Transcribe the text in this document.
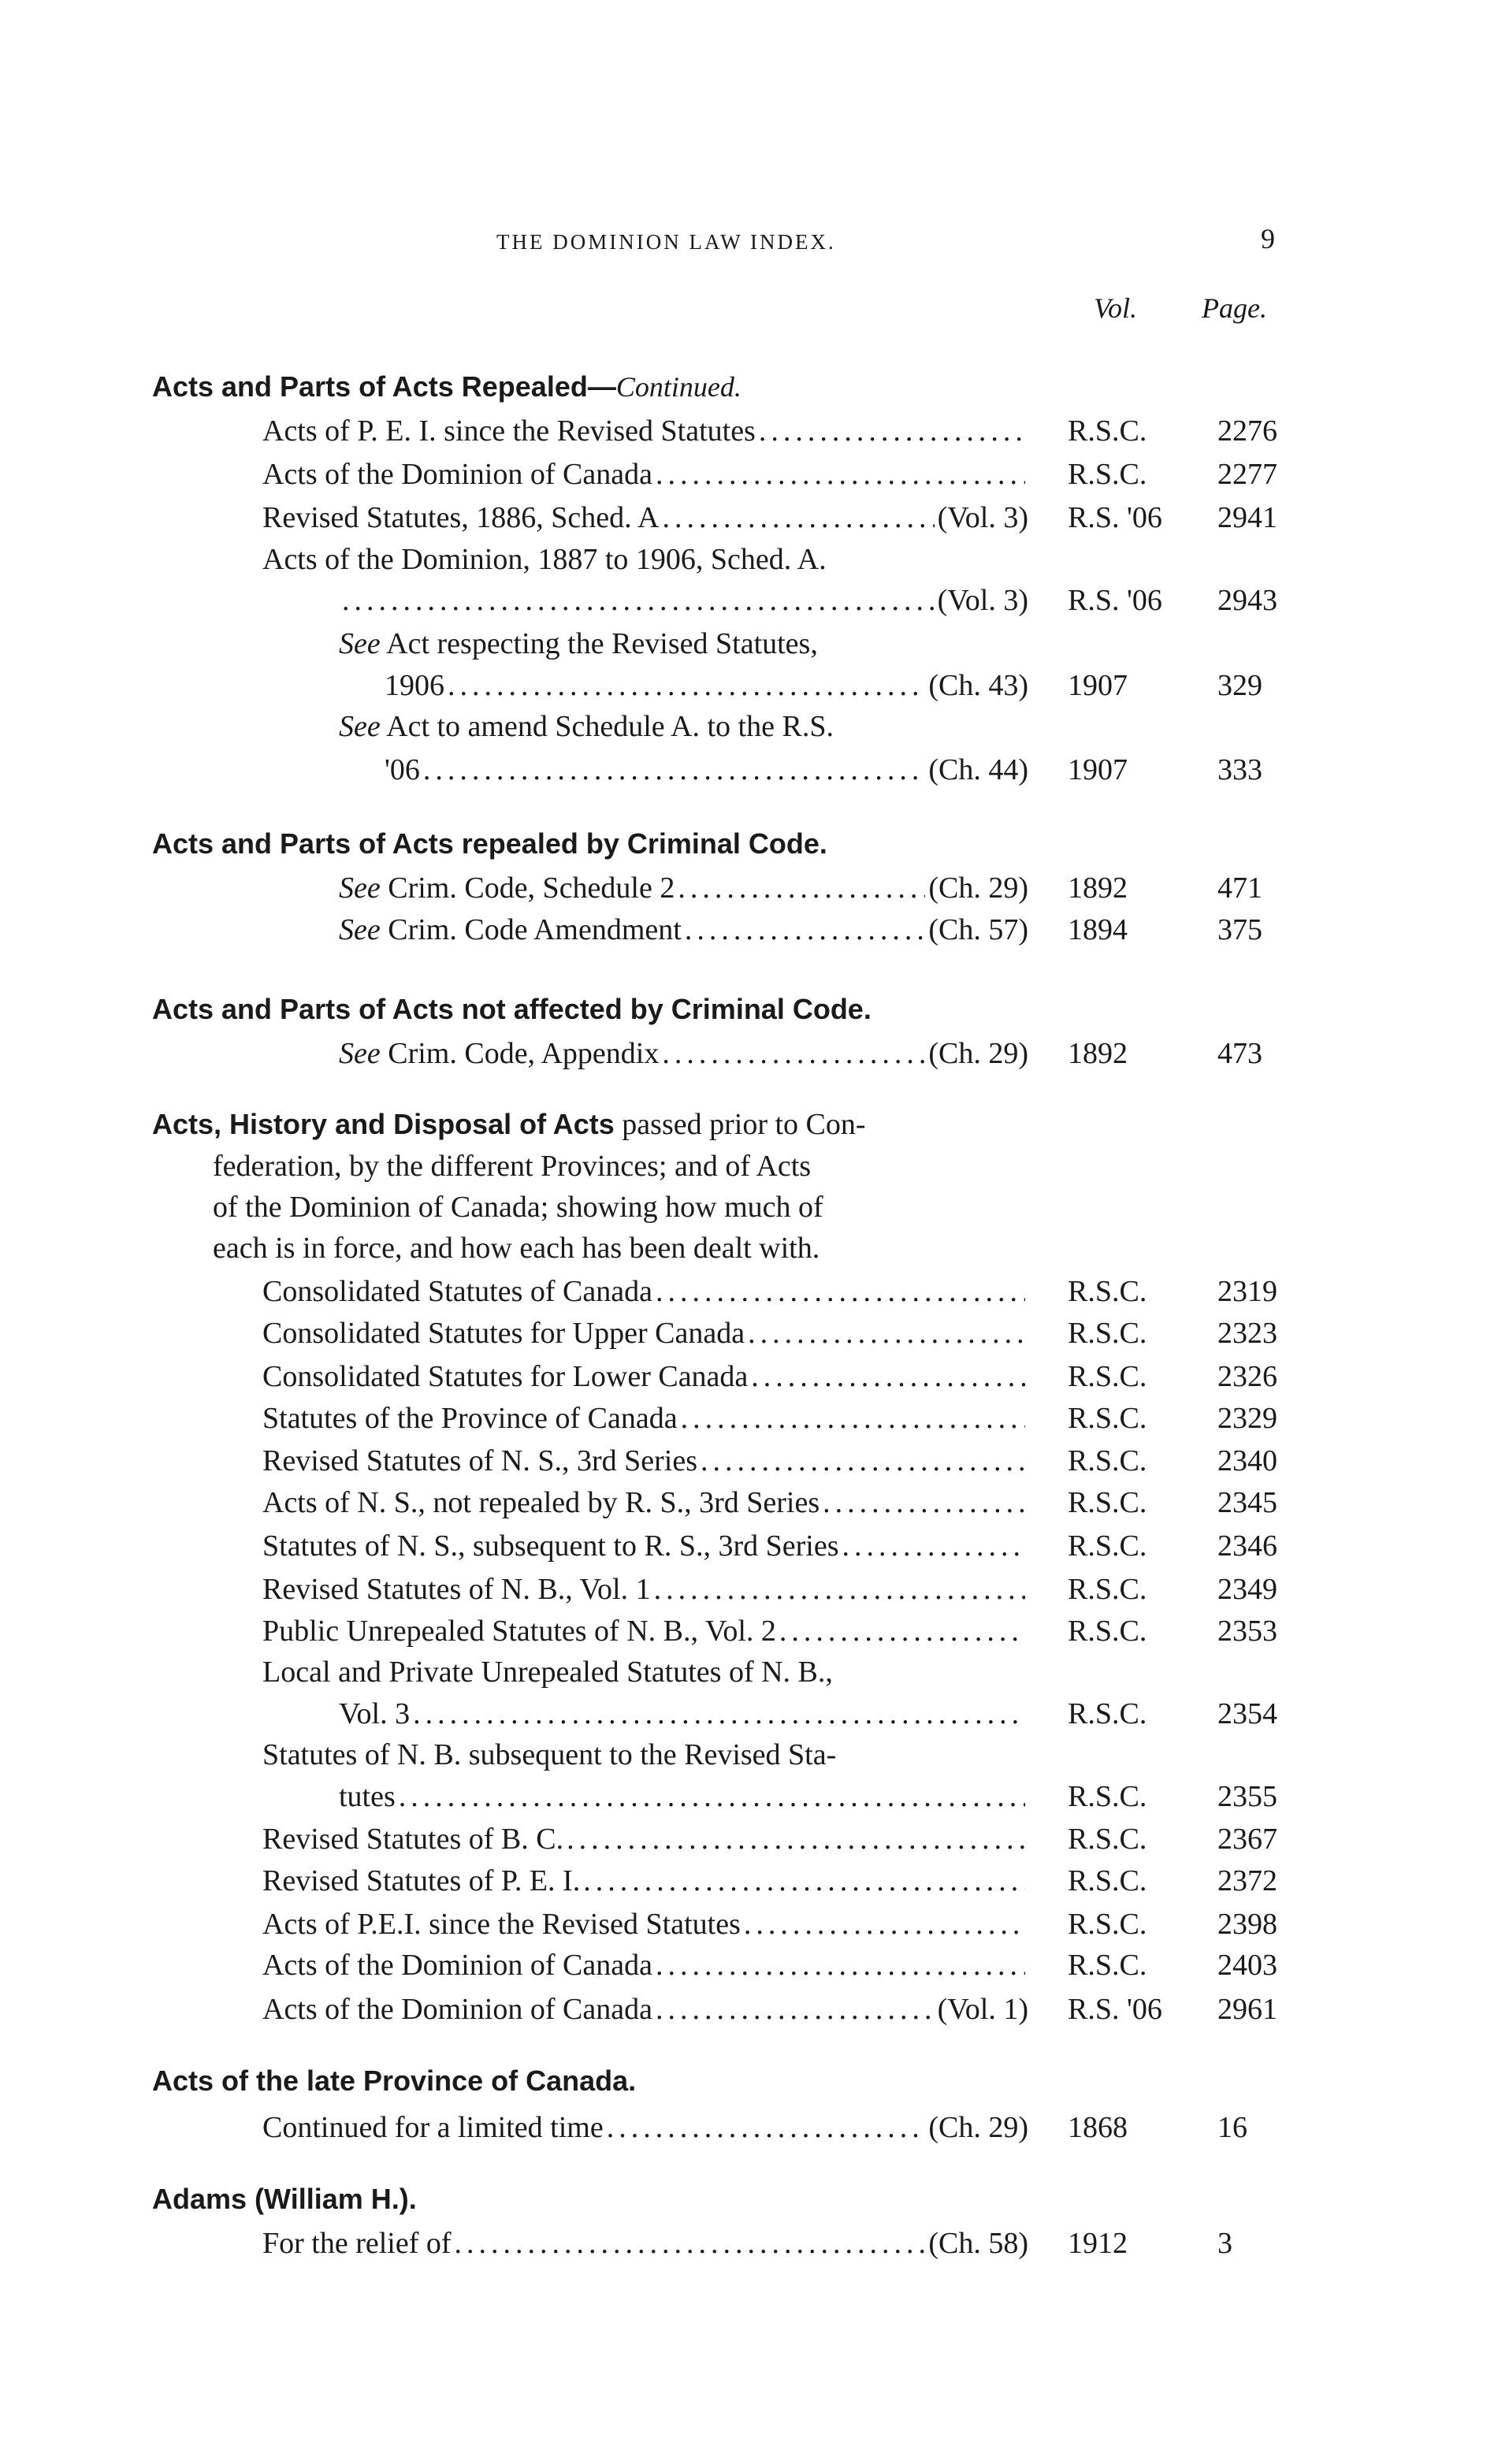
THE DOMINION LAW INDEX.	9
Vol. Page.
Acts and Parts of Acts Repealed—Continued.
Acts of P. E. I. since the Revised Statutes .....	R.S.C. 2276
Acts of the Dominion of Canada .....	R.S.C. 2277
Revised Statutes, 1886, Sched. A .....	(Vol. 3) R.S. '06 2941
Acts of the Dominion, 1887 to 1906, Sched. A.
.....
(Vol. 3) R.S. '06 2943
See Act respecting the Revised Statutes,
1906 .....	(Ch. 43) 1907	329
See Act to amend Schedule A. to the R.S.
'06 .....	(Ch. 44) 1907	333
Acts and Parts of Acts repealed by Criminal Code.
See Crim. Code, Schedule 2 .....	(Ch. 29) 1892	471
See Crim. Code Amendment .....	(Ch. 57) 1894	375
Acts and Parts of Acts not affected by Criminal Code.
See Crim. Code, Appendix .....	(Ch. 29) 1892	473
Acts, History and Disposal of Acts passed prior to Con-
federation, by the different Provinces; and of Acts
of the Dominion of Canada; showing how much of
each is in force, and how each has been dealt with.
Consolidated Statutes of Canada .....	R.S.C. 2319
Consolidated Statutes for Upper Canada .....	R.S.C. 2323
Consolidated Statutes for Lower Canada .....	R.S.C. 2326
Statutes of the Province of Canada .....	R.S.C. 2329
Revised Statutes of N. S., 3rd Series .....	R.S.C. 2340
Acts of N. S., not repealed by R. S., 3rd Series .....	R.S.C. 2345
Statutes of N. S., subsequent to R. S., 3rd Series .....	R.S.C. 2346
Revised Statutes of N. B., Vol. 1 .....	R.S.C. 2349
Public Unrepealed Statutes of N. B., Vol. 2 .....	R.S.C. 2353
Local and Private Unrepealed Statutes of N. B.,
Vol. 3 .....	R.S.C. 2354
Statutes of N. B. subsequent to the Revised Sta-
tutes .....	R.S.C. 2355
Revised Statutes of B. C. .....	R.S.C. 2367
Revised Statutes of P. E. I. .....	R.S.C. 2372
Acts of P.E.I. since the Revised Statutes .....	R.S.C. 2398
Acts of the Dominion of Canada .....	R.S.C. 2403
Acts of the Dominion of Canada .....	(Vol. 1) R.S. '06 2961
Acts of the late Province of Canada.
Continued for a limited time .....	(Ch. 29) 1868	16
Adams (William H.).
For the relief of .....	(Ch. 58) 1912	3
